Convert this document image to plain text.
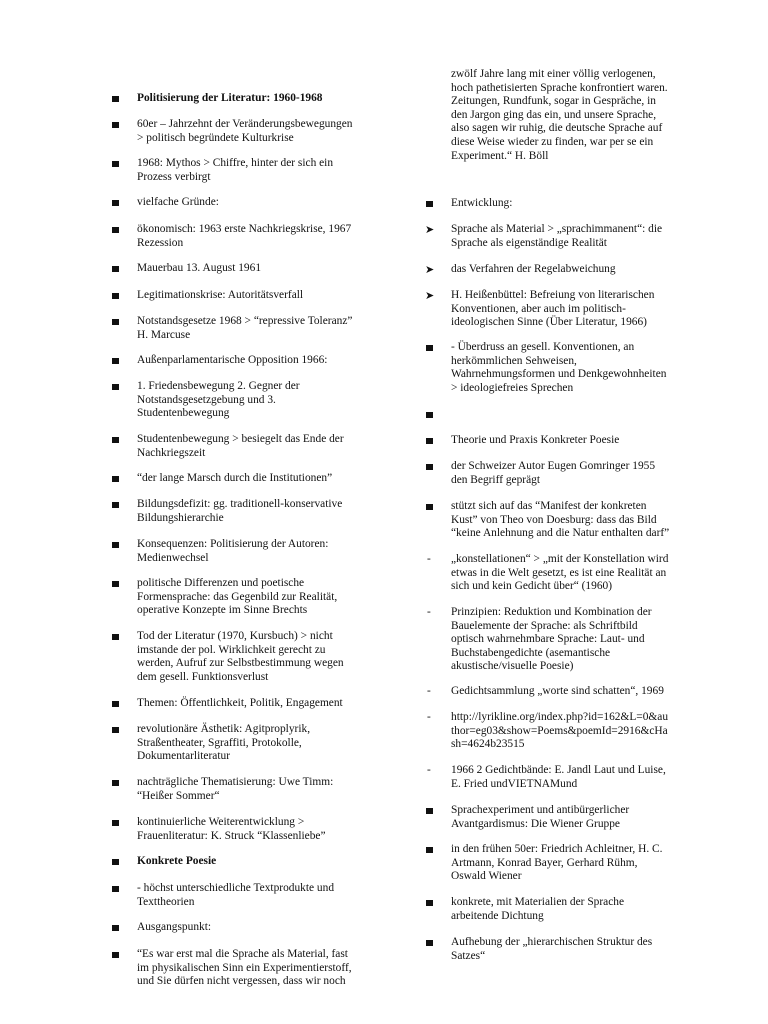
Politisierung der Literatur: 1960-1968
60er – Jahrzehnt der Veränderungsbewegungen
> politisch begründete Kulturkrise
1968: Mythos > Chiffre, hinter der sich ein
Prozess verbirgt
vielfache Gründe:
ökonomisch: 1963 erste Nachkriegskrise, 1967
Rezession
Mauerbau 13. August 1961
Legitimationskrise: Autoritätsverfall
Notstandsgesetze 1968 > “repressive Toleranz”
H. Marcuse
Außenparlamentarische Opposition 1966:
1. Friedensbewegung 2. Gegner der
Notstandsgesetzgebung und 3.
Studentenbewegung
Studentenbewegung > besiegelt das Ende der
Nachkriegszeit
“der lange Marsch durch die Institutionen”
Bildungsdefizit: gg. traditionell-konservative
Bildungshierarchie
Konsequenzen: Politisierung der Autoren:
Medienwechsel
politische Differenzen und poetische
Formensprache: das Gegenbild zur Realität,
operative Konzepte im Sinne Brechts
Tod der Literatur (1970, Kursbuch) > nicht
imstande der pol. Wirklichkeit gerecht zu
werden, Aufruf zur Selbstbestimmung wegen
dem gesell. Funktionsverlust
Themen: Öffentlichkeit, Politik, Engagement
revolutionäre Ästhetik: Agitproplyrik,
Straßentheater, Sgraffiti, Protokolle,
Dokumentarliteratur
nachträgliche Thematisierung: Uwe Timm:
“Heißer Sommer“
kontinuierliche Weiterentwicklung >
Frauenliteratur: K. Struck “Klassenliebe”
Konkrete Poesie
- höchst unterschiedliche Textprodukte und
Texttheorien
Ausgangspunkt:
“Es war erst mal die Sprache als Material, fast
im physikalischen Sinn ein Experimentierstoff,
und Sie dürfen nicht vergessen, dass wir noch
zwölf Jahre lang mit einer völlig verlogenen,
hoch pathetisierten Sprache konfrontiert waren.
Zeitungen, Rundfunk, sogar in Gespräche, in
den Jargon ging das ein, und unsere Sprache,
also sagen wir ruhig, die deutsche Sprache auf
diese Weise wieder zu finden, war per se ein
Experiment.“ H. Böll
Entwicklung:
➤	Sprache als Material > „sprachimmanent“: die
Sprache als eigenständige Realität
➤	das Verfahren der Regelabweichung
➤	H. Heißenbüttel: Befreiung von literarischen
Konventionen, aber auch im politisch-
ideologischen Sinne (Über Literatur, 1966)
- Überdruss an gesell. Konventionen, an
herkömmlichen Sehweisen,
Wahrnehmungsformen und Denkgewohnheiten
> ideologiefreies Sprechen
Theorie und Praxis Konkreter Poesie
der Schweizer Autor Eugen Gomringer 1955
den Begriff geprägt
stützt sich auf das “Manifest der konkreten
Kust” von Theo von Doesburg: dass das Bild
“keine Anlehnung and die Natur enthalten darf”
-	„konstellationen“ > „mit der Konstellation wird
etwas in die Welt gesetzt, es ist eine Realität an
sich und kein Gedicht über“ (1960)
-	Prinzipien: Reduktion und Kombination der
Bauelemente der Sprache: als Schriftbild
optisch wahrnehmbare Sprache: Laut- und
Buchstabengedichte (asemantische
akustische/visuelle Poesie)
-	Gedichtsammlung „worte sind schatten“, 1969
-	http://lyrikline.org/index.php?id=162&L=0&au
thor=eg03&show=Poems&poemId=2916&cHa
sh=4624b23515
-	1966 2 Gedichtbände: E. Jandl Laut und Luise,
E. Fried undVIETNAMund
Sprachexperiment und antibürgerlicher
Avantgardismus: Die Wiener Gruppe
in den frühen 50er: Friedrich Achleitner, H. C.
Artmann, Konrad Bayer, Gerhard Rühm,
Oswald Wiener
konkrete, mit Materialien der Sprache
arbeitende Dichtung
Aufhebung der „hierarchischen Struktur des
Satzes“
